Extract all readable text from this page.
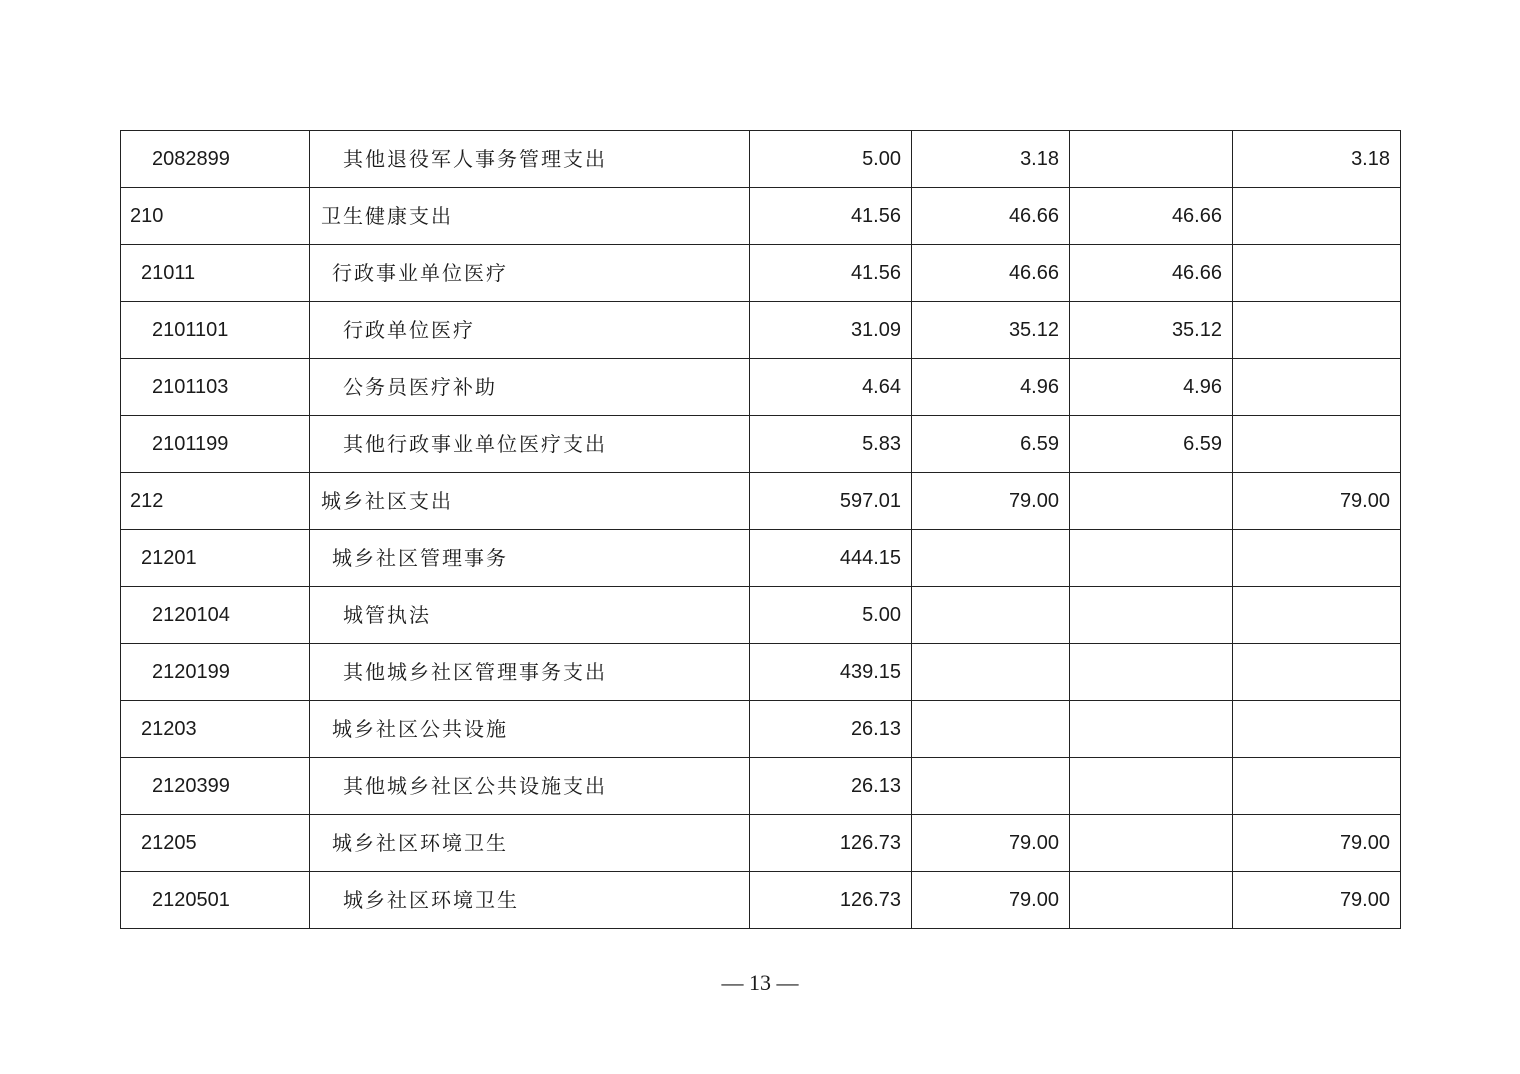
2082899	其他退役军人事务管理支出	5.00	3.18		3.18
210	卫生健康支出	41.56	46.66	46.66	
21011	行政事业单位医疗	41.56	46.66	46.66	
2101101	行政单位医疗	31.09	35.12	35.12	
2101103	公务员医疗补助	4.64	4.96	4.96	
2101199	其他行政事业单位医疗支出	5.83	6.59	6.59	
212	城乡社区支出	597.01	79.00		79.00
21201	城乡社区管理事务	444.15			
2120104	城管执法	5.00			
2120199	其他城乡社区管理事务支出	439.15			
21203	城乡社区公共设施	26.13			
2120399	其他城乡社区公共设施支出	26.13			
21205	城乡社区环境卫生	126.73	79.00		79.00
2120501	城乡社区环境卫生	126.73	79.00		79.00
— 13 —
